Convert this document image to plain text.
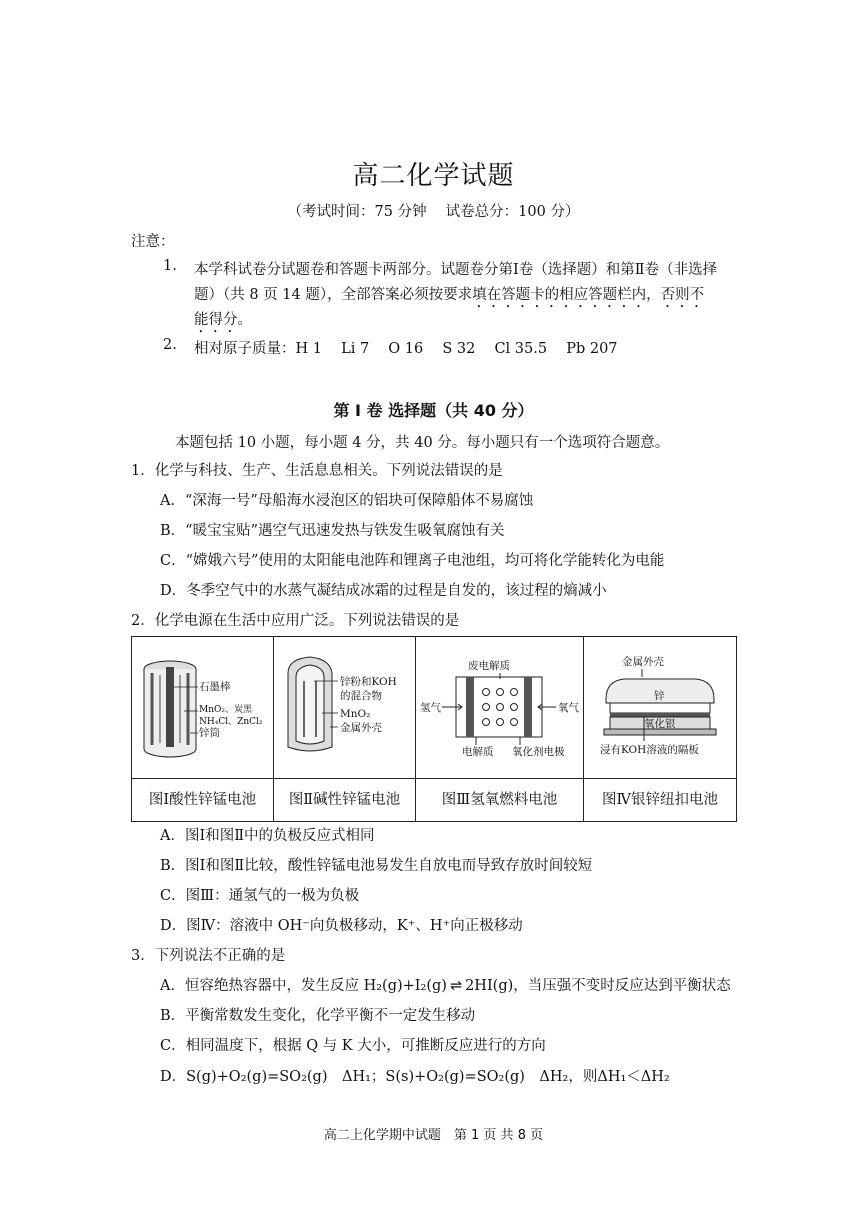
高二化学试题
（考试时间：75 分钟　 试卷总分：100 分）
注意：
1. 本学科试卷分试题卷和答题卡两部分。试题卷分第Ⅰ卷（选择题）和第Ⅱ卷（非选择
题）（共 8 页 14 题），全部答案必须按要求填在答题卡的相应答题栏内，否则不
能得分。
2. 相对原子质量：H 1　 Li 7　 O 16　 S 32　 Cl 35.5　 Pb 207
第 I 卷 选择题（共 40 分）
本题包括 10 小题，每小题 4 分，共 40 分。每小题只有一个选项符合题意。
1．化学与科技、生产、生活息息相关。下列说法错误的是
A．“深海一号”母船海水浸泡区的铝块可保障船体不易腐蚀
B．“暖宝宝贴”遇空气迅速发热与铁发生吸氧腐蚀有关
C．“嫦娥六号”使用的太阳能电池阵和锂离子电池组，均可将化学能转化为电能
D．冬季空气中的水蒸气凝结成冰霜的过程是自发的，该过程的熵减小
2．化学电源在生活中应用广泛。下列说法错误的是
石墨棒
MnO₂、炭黑
NH₄Cl、ZnCl₂
锌筒
图Ⅰ酸性锌锰电池
锌粉和KOH
的混合物
MnO₂
金属外壳
图Ⅱ碱性锌锰电池
废电解质
氢气	氧气
电解质 氧化剂电极
图Ⅲ氢氧燃料电池
金属外壳
锌
氧化银
浸有KOH溶液的隔板
图Ⅳ银锌纽扣电池
A．图Ⅰ和图Ⅱ中的负极反应式相同
B．图Ⅰ和图Ⅱ比较，酸性锌锰电池易发生自放电而导致存放时间较短
C．图Ⅲ：通氢气的一极为负极
D．图Ⅳ：溶液中 OH⁻向负极移动，K⁺、H⁺向正极移动
3．下列说法不正确的是
A．恒容绝热容器中，发生反应 H₂(g)+I₂(g) ⇌ 2HI(g)，当压强不变时反应达到平衡状态
B．平衡常数发生变化，化学平衡不一定发生移动
C．相同温度下，根据 Q 与 K 大小，可推断反应进行的方向
D．S(g)+O₂(g)=SO₂(g)　ΔH₁；S(s)+O₂(g)=SO₂(g)　ΔH₂，则ΔH₁＜ΔH₂
高二上化学期中试题　第 1 页 共 8 页
